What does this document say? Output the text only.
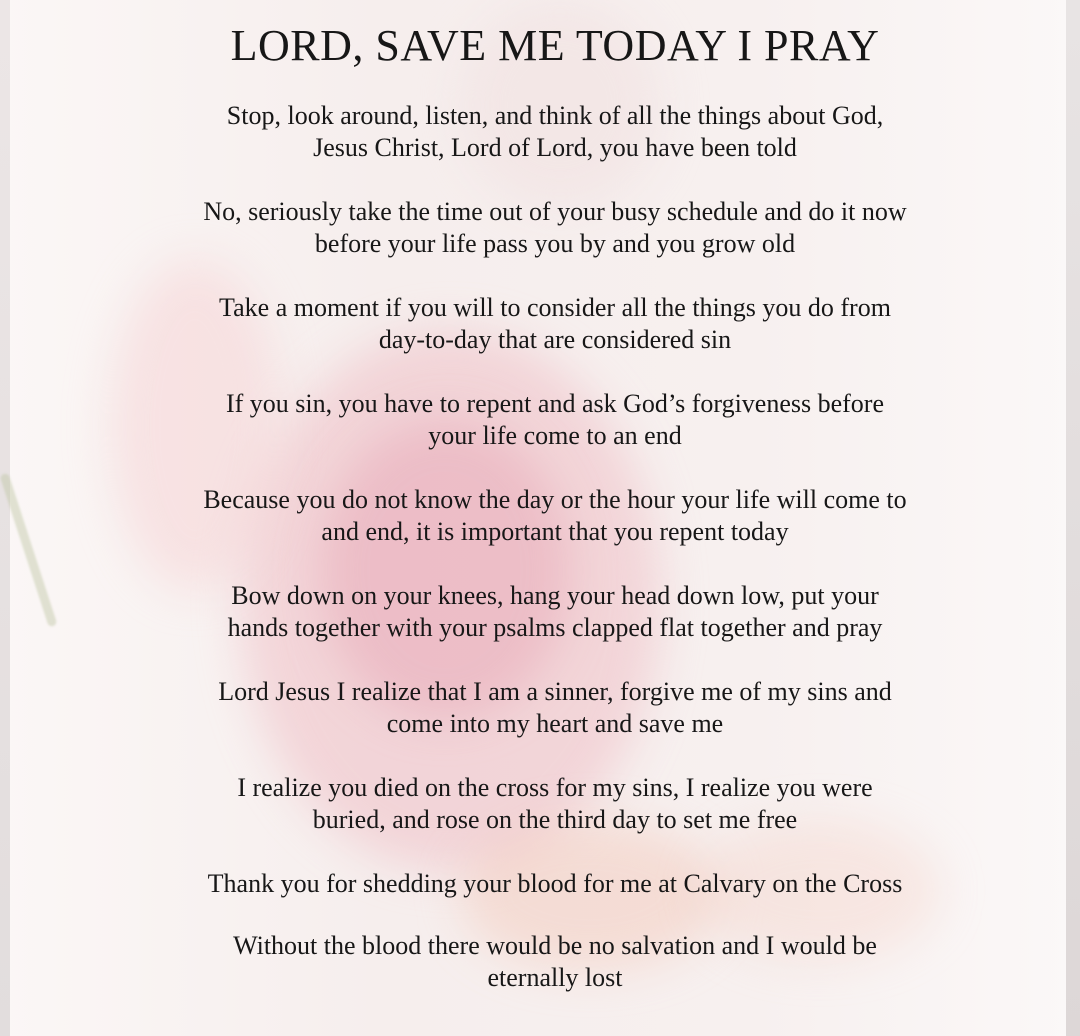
LORD, SAVE ME TODAY I PRAY

Stop, look around, listen, and think of all the things about God,
Jesus Christ, Lord of Lord, you have been told

No, seriously take the time out of your busy schedule and do it now
before your life pass you by and you grow old

Take a moment if you will to consider all the things you do from
day-to-day that are considered sin

If you sin, you have to repent and ask God’s forgiveness before
your life come to an end

Because you do not know the day or the hour your life will come to
and end, it is important that you repent today

Bow down on your knees, hang your head down low, put your
hands together with your psalms clapped flat together and pray

Lord Jesus I realize that I am a sinner, forgive me of my sins and
come into my heart and save me

I realize you died on the cross for my sins, I realize you were
buried, and rose on the third day to set me free

Thank you for shedding your blood for me at Calvary on the Cross

Without the blood there would be no salvation and I would be
eternally lost
